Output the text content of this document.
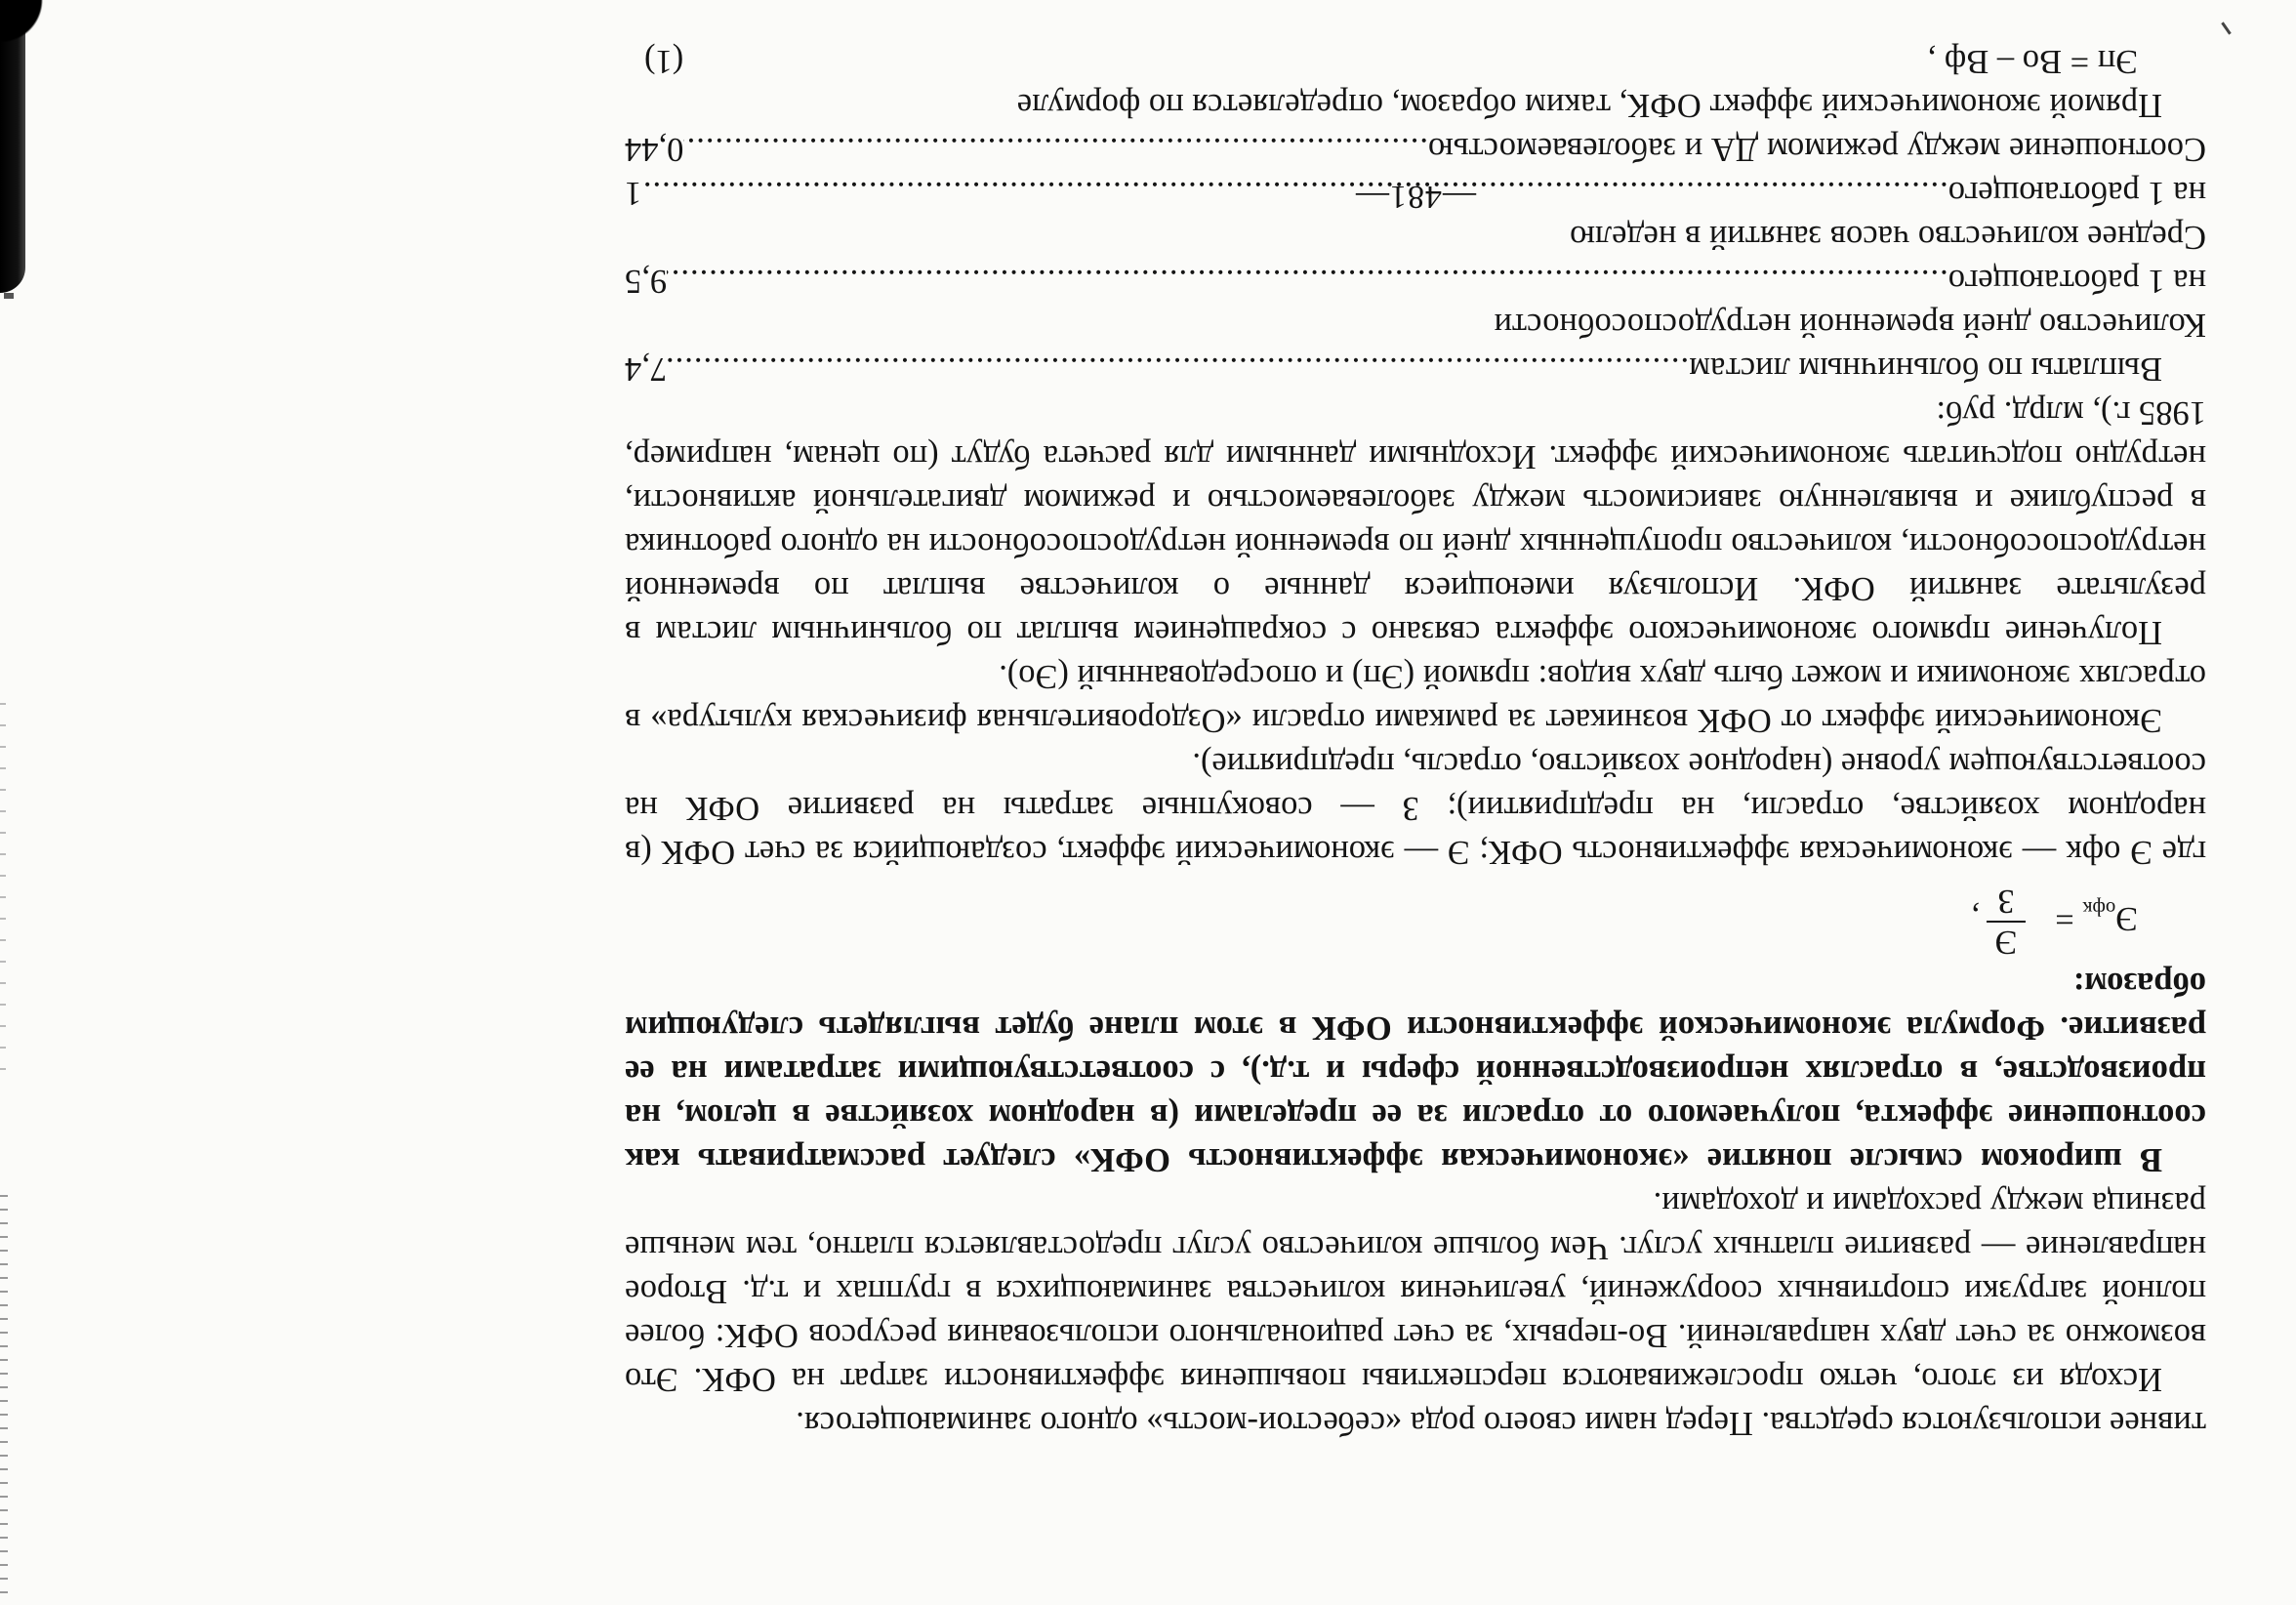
тивнее используются средства. Перед нами своего рода «себестои-мость» одного занимающегося.

Исходя из этого, четко прослеживаются перспективы повышения эффективности затрат на ОФК. Это возможно за счет двух направлений. Во-первых, за счет рационального использования ресурсов ОФК: более полной загрузки спортивных сооружений, увеличения количества занимающихся в группах и т.д. Второе направление — развитие платных услуг. Чем больше количество услуг предоставляется платно, тем меньше разница между расходами и доходами.

В широком смысле понятие «экономическая эффективность ОФК» следует рассматривать как соотношение эффекта, получаемого от отрасли за ее пределами (в народном хозяйстве в целом, на производстве, в отраслях непроизводственной сферы и т.д.), с соответствующими затратами на ее развитие. Формула экономической эффективности ОФК в этом плане будет выглядеть следующим образом:

$Э_{офк}$ =
Э
З
,

где Э офк — экономическая эффективность ОФК; Э — экономический эффект, создающийся за счет ОФК (в народном хозяйстве, отрасли, на предприятии); З — совокупные затраты на развитие ОФК на соответствующем уровне (народное хозяйство, отрасль, предприятие).

Экономический эффект от ОФК возникает за рамками отрасли «Оздоровительная физическая культура» в отраслях экономики и может быть двух видов: прямой (Эп) и опосредованный (Эо).

Получение прямого экономического эффекта связано с сокращением выплат по больничным листам в результате занятий ОФК. Используя имеющиеся данные о количестве выплат по временной нетрудоспособности, количество пропущенных дней по временной нетрудоспособности на одного работника в республике и выявленную зависимость между заболеваемостью и режимом двигательной активности, нетрудно подсчитать экономический эффект. Исходными данными для расчета будут (по ценам, например, 1985 г.), млрд. руб:

Выплаты по больничным листам
.....
7,4
Количество дней временной нетрудоспособности
на 1 работающего
.....
9,5
Среднее количество часов занятий в неделю
на 1 работающего
.....
1
Соотношение между режимом ДА и заболеваемостью
.....
0,44

Прямой экономический эффект ОФК, таким образом, определяется по формуле

Эп = Во – Вф ,
(1)
—481—
